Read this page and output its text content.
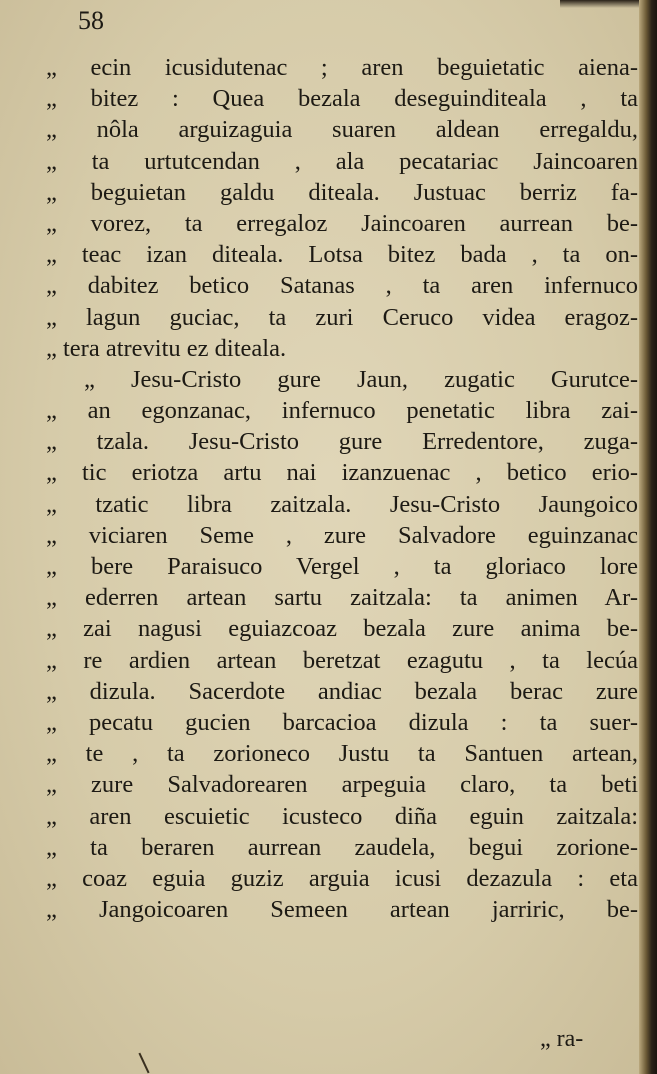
58
„ ecin icusidutenac ; aren beguietatic aiena-
„ bitez : Quea bezala deseguinditeala , ta
„ nôla arguizaguia suaren aldean erregaldu,
„ ta urtutcendan , ala pecatariac Jaincoaren
„ beguietan galdu diteala. Justuac berriz fa-
„ vorez, ta erregaloz Jaincoaren aurrean be-
„ teac izan diteala. Lotsa bitez bada , ta on-
„ dabitez betico Satanas , ta aren infernuco
„ lagun guciac, ta zuri Ceruco videa eragoz-
„ tera atrevitu ez diteala.
„ Jesu-Cristo gure Jaun, zugatic Gurutce-
„ an egonzanac, infernuco penetatic libra zai-
„ tzala. Jesu-Cristo gure Erredentore, zuga-
„ tic eriotza artu nai izanzuenac , betico erio-
„ tzatic libra zaitzala. Jesu-Cristo Jaungoico
„ viciaren Seme , zure Salvadore eguinzanac
„ bere Paraisuco Vergel , ta gloriaco lore
„ ederren artean sartu zaitzala: ta animen Ar-
„ zai nagusi eguiazcoaz bezala zure anima be-
„ re ardien artean beretzat ezagutu , ta lecúa
„ dizula. Sacerdote andiac bezala berac zure
„ pecatu gucien barcacioa dizula : ta suer-
„ te , ta zorioneco Justu ta Santuen artean,
„ zure Salvadorearen arpeguia claro, ta beti
„ aren escuietic icusteco diña eguin zaitzala:
„ ta beraren aurrean zaudela, begui zorione-
„ coaz eguia guziz arguia icusi dezazula : eta
„ Jangoicoaren Semeen artean jarriric, be-
„ ra-
